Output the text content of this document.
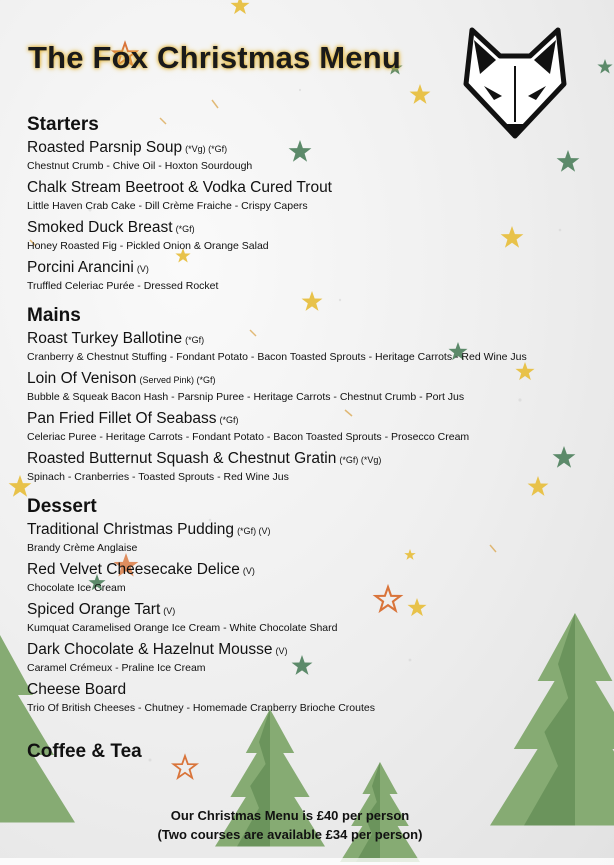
The Fox Christmas Menu
Starters
Roasted Parsnip Soup (*Vg) (*Gf)
Chestnut Crumb - Chive Oil - Hoxton Sourdough
Chalk Stream Beetroot & Vodka Cured Trout
Little Haven Crab Cake - Dill Crème Fraiche - Crispy Capers
Smoked Duck Breast (*Gf)
Honey Roasted Fig - Pickled Onion & Orange Salad
Porcini Arancini (V)
Truffled Celeriac Purée - Dressed Rocket
Mains
Roast Turkey Ballotine (*Gf)
Cranberry & Chestnut Stuffing - Fondant Potato - Bacon Toasted Sprouts - Heritage Carrots - Red Wine Jus
Loin Of Venison (Served Pink) (*Gf)
Bubble & Squeak Bacon Hash - Parsnip Puree - Heritage Carrots - Chestnut Crumb - Port Jus
Pan Fried Fillet Of Seabass (*Gf)
Celeriac Puree - Heritage Carrots - Fondant Potato - Bacon Toasted Sprouts - Prosecco Cream
Roasted Butternut Squash & Chestnut Gratin (*Gf) (*Vg)
Spinach - Cranberries - Toasted Sprouts - Red Wine Jus
Dessert
Traditional Christmas Pudding (*Gf) (V)
Brandy Crème Anglaise
Red Velvet Cheesecake Delice (V)
Chocolate Ice Cream
Spiced Orange Tart (V)
Kumquat Caramelised Orange Ice Cream - White Chocolate Shard
Dark Chocolate & Hazelnut Mousse (V)
Caramel Crémeux - Praline Ice Cream
Cheese Board
Trio Of British Cheeses - Chutney - Homemade Cranberry Brioche Croutes
Coffee & Tea
Our Christmas Menu is £40 per person
(Two courses are available £34 per person)
